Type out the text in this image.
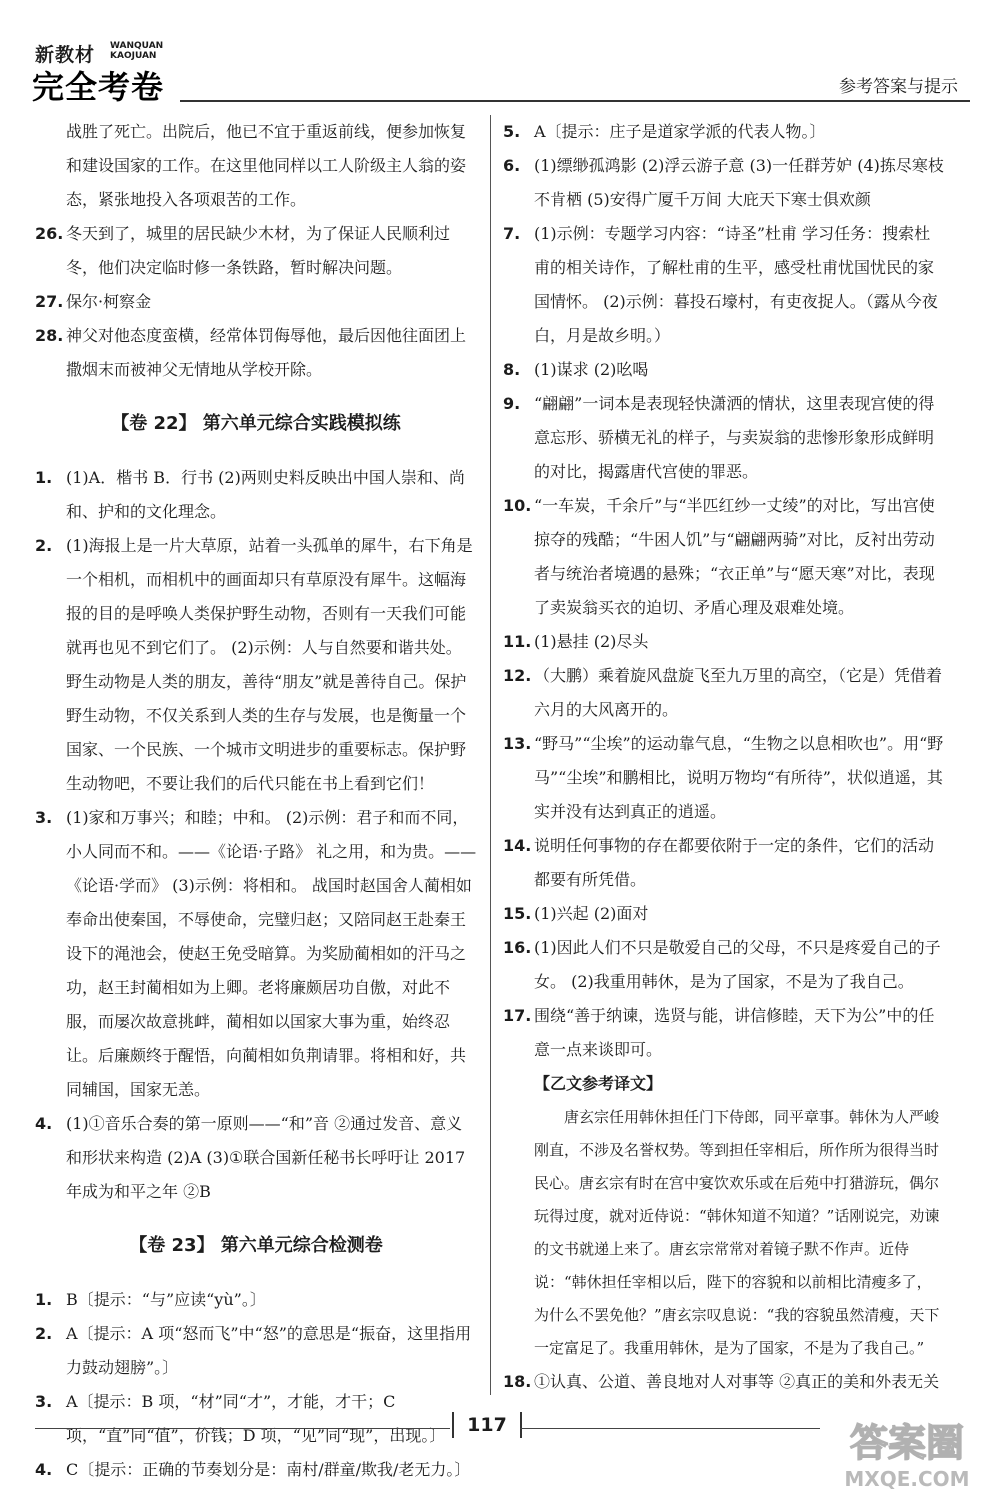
新教材 WANQUAN
KAOJUAN
完全考卷	参考答案与提示

战胜了死亡。出院后，他已不宜于重返前线，便参加恢复和建设国家的工作。在这里他同样以工人阶级主人翁的姿态，紧张地投入各项艰苦的工作。

26. 冬天到了，城里的居民缺少木材，为了保证人民顺利过冬，他们决定临时修一条铁路，暂时解决问题。
27. 保尔·柯察金
28. 神父对他态度蛮横，经常体罚侮辱他，最后因他往面团上撒烟末而被神父无情地从学校开除。
【卷 22】 第六单元综合实践模拟练
1. (1)A．楷书 B．行书 (2)两则史料反映出中国人崇和、尚和、护和的文化理念。
2. (1)海报上是一片大草原，站着一头孤单的犀牛，右下角是一个相机，而相机中的画面却只有草原没有犀牛。这幅海报的目的是呼唤人类保护野生动物，否则有一天我们可能就再也见不到它们了。 (2)示例：人与自然要和谐共处。野生动物是人类的朋友，善待“朋友”就是善待自己。保护野生动物，不仅关系到人类的生存与发展，也是衡量一个国家、一个民族、一个城市文明进步的重要标志。保护野生动物吧，不要让我们的后代只能在书上看到它们！
3. (1)家和万事兴；和睦；中和。 (2)示例：君子和而不同，小人同而不和。——《论语·子路》 礼之用，和为贵。——《论语·学而》 (3)示例：将相和。 战国时赵国舍人蔺相如奉命出使秦国，不辱使命，完璧归赵；又陪同赵王赴秦王设下的渑池会，使赵王免受暗算。为奖励蔺相如的汗马之功，赵王封蔺相如为上卿。老将廉颇居功自傲，对此不服，而屡次故意挑衅，蔺相如以国家大事为重，始终忍让。后廉颇终于醒悟，向蔺相如负荆请罪。将相和好，共同辅国，国家无恙。
4. (1)①音乐合奏的第一原则——“和”音 ②通过发音、意义和形状来构造 (2)A (3)①联合国新任秘书长呼吁让 2017 年成为和平之年 ②B
【卷 23】 第六单元综合检测卷
1. B〔提示：“与”应读“yù”。〕
2. A〔提示：A 项“怒而飞”中“怒”的意思是“振奋，这里指用力鼓动翅膀”。〕
3. A〔提示：B 项，“材”同“才”，才能，才干；C 项，“直”同“值”，价钱；D 项，“见”同“现”，出现。〕
4. C〔提示：正确的节奏划分是：南村/群童/欺我/老无力。〕
5. A〔提示：庄子是道家学派的代表人物。〕
6. (1)缥缈孤鸿影 (2)浮云游子意 (3)一任群芳妒 (4)拣尽寒枝不肯栖 (5)安得广厦千万间 大庇天下寒士俱欢颜
7. (1)示例：专题学习内容：“诗圣”杜甫 学习任务：搜索杜甫的相关诗作，了解杜甫的生平，感受杜甫忧国忧民的家国情怀。 (2)示例：暮投石壕村，有吏夜捉人。（露从今夜白，月是故乡明。）
8. (1)谋求 (2)吆喝
9. “翩翩”一词本是表现轻快潇洒的情状，这里表现宫使的得意忘形、骄横无礼的样子，与卖炭翁的悲惨形象形成鲜明的对比，揭露唐代宫使的罪恶。
10. “一车炭，千余斤”与“半匹红纱一丈绫”的对比，写出宫使掠夺的残酷；“牛困人饥”与“翩翩两骑”对比，反衬出劳动者与统治者境遇的悬殊；“衣正单”与“愿天寒”对比，表现了卖炭翁买衣的迫切、矛盾心理及艰难处境。
11. (1)悬挂 (2)尽头
12. （大鹏）乘着旋风盘旋飞至九万里的高空，（它是）凭借着六月的大风离开的。
13. “野马”“尘埃”的运动靠气息，“生物之以息相吹也”。用“野马”“尘埃”和鹏相比，说明万物均“有所待”，状似逍遥，其实并没有达到真正的逍遥。
14. 说明任何事物的存在都要依附于一定的条件，它们的活动都要有所凭借。
15. (1)兴起 (2)面对
16. (1)因此人们不只是敬爱自己的父母，不只是疼爱自己的子女。 (2)我重用韩休，是为了国家，不是为了我自己。
17. 围绕“善于纳谏，选贤与能，讲信修睦，天下为公”中的任意一点来谈即可。
【乙文参考译文】

唐玄宗任用韩休担任门下侍郎，同平章事。韩休为人严峻刚直，不涉及名誉权势。等到担任宰相后，所作所为很得当时民心。唐玄宗有时在宫中宴饮欢乐或在后苑中打猎游玩，偶尔玩得过度，就对近侍说：“韩休知道不知道？”话刚说完，劝谏的文书就递上来了。唐玄宗常常对着镜子默不作声。近侍说：“韩休担任宰相以后，陛下的容貌和以前相比清瘦多了，为什么不罢免他？”唐玄宗叹息说：“我的容貌虽然清瘦，天下一定富足了。我重用韩休，是为了国家，不是为了我自己。”

18. ①认真、公道、善良地对人对事等 ②真正的美和外表无关
117	答案圈
MXQE.COM
